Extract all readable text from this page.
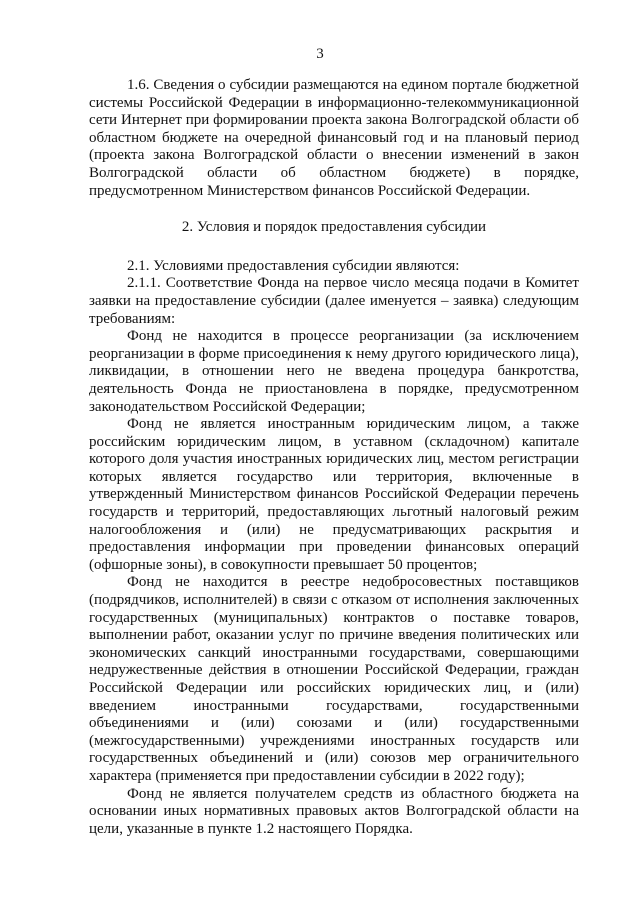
3

1.6. Сведения о субсидии размещаются на едином портале бюджетной системы Российской Федерации в информационно-телекоммуникационной сети Интернет при формировании проекта закона Волгоградской области об областном бюджете на очередной финансовый год и на плановый период (проекта закона Волгоградской области о внесении изменений в закон Волгоградской области об областном бюджете) в порядке, предусмотренном Министерством финансов Российской Федерации.

2. Условия и порядок предоставления субсидии

2.1. Условиями предоставления субсидии являются:

2.1.1. Соответствие Фонда на первое число месяца подачи в Комитет заявки на предоставление субсидии (далее именуется – заявка) следующим требованиям:

Фонд не находится в процессе реорганизации (за исключением реорганизации в форме присоединения к нему другого юридического лица), ликвидации, в отношении него не введена процедура банкротства, деятельность Фонда не приостановлена в порядке, предусмотренном законодательством Российской Федерации;

Фонд не является иностранным юридическим лицом, а также российским юридическим лицом, в уставном (складочном) капитале которого доля участия иностранных юридических лиц, местом регистрации которых является государство или территория, включенные в утвержденный Министерством финансов Российской Федерации перечень государств и территорий, предоставляющих льготный налоговый режим налогообложения и (или) не предусматривающих раскрытия и предоставления информации при проведении финансовых операций (офшорные зоны), в совокупности превышает 50 процентов;

Фонд не находится в реестре недобросовестных поставщиков (подрядчиков, исполнителей) в связи с отказом от исполнения заключенных государственных (муниципальных) контрактов о поставке товаров, выполнении работ, оказании услуг по причине введения политических или экономических санкций иностранными государствами, совершающими недружественные действия в отношении Российской Федерации, граждан Российской Федерации или российских юридических лиц, и (или) введением иностранными государствами, государственными объединениями и (или) союзами и (или) государственными (межгосударственными) учреждениями иностранных государств или государственных объединений и (или) союзов мер ограничительного характера (применяется при предоставлении субсидии в 2022 году);

Фонд не является получателем средств из областного бюджета на основании иных нормативных правовых актов Волгоградской области на цели, указанные в пункте 1.2 настоящего Порядка.
